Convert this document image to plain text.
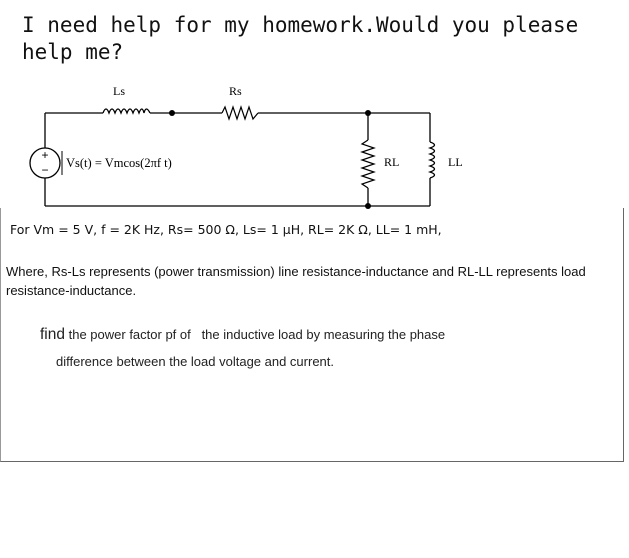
I need help for my homework.Would you please help me?
+
−
Ls	Rs
RL	LL
Vs(t) = Vmcos(2πf t)
For Vm = 5 V, f = 2K Hz, Rs= 500 Ω, Ls= 1 μH, RL= 2K Ω, LL= 1 mH,
Where, Rs-Ls represents (power transmission) line resistance-inductance and RL-LL represents load resistance-inductance.
find the power factor pf of   the inductive load by measuring the phase
difference between the load voltage and current.
